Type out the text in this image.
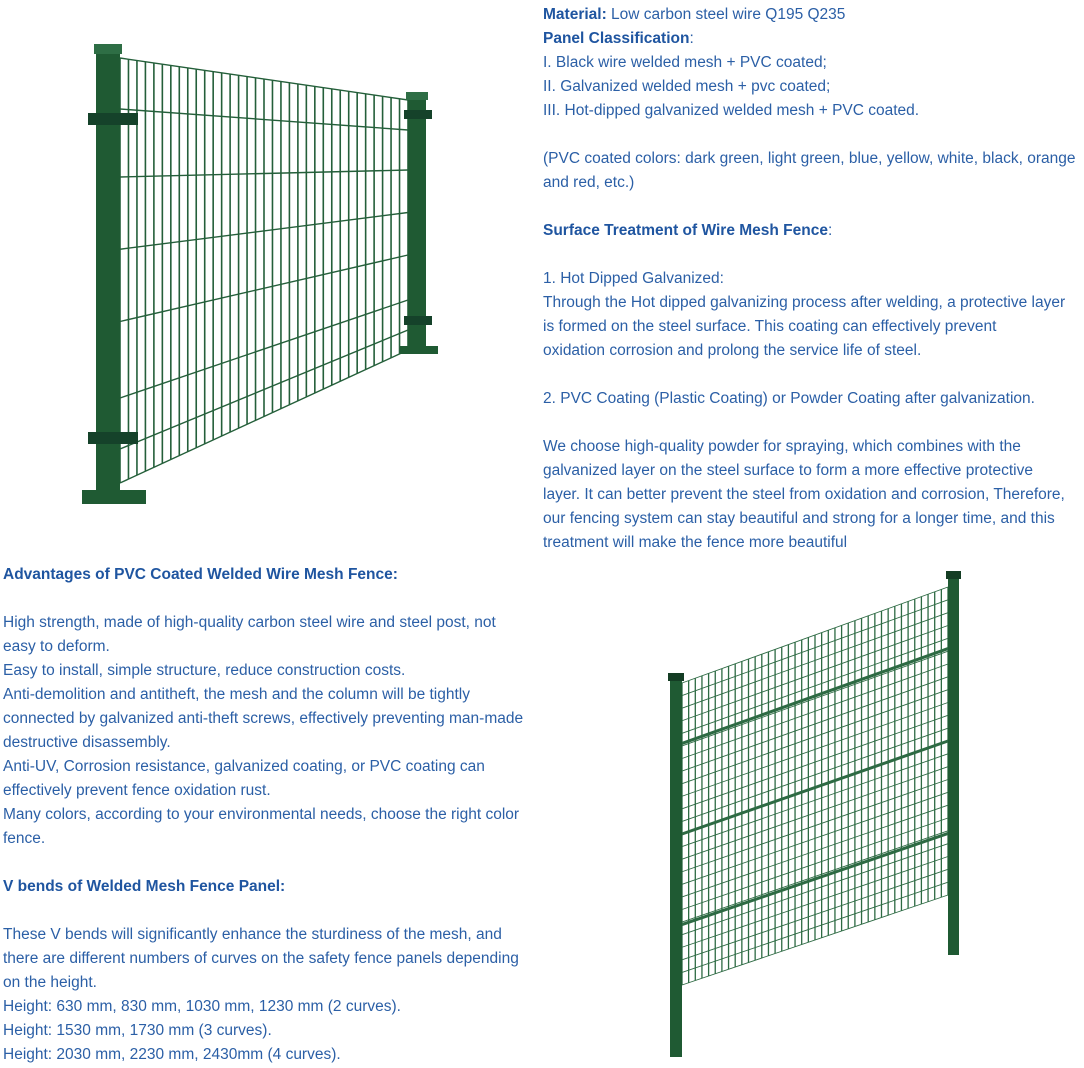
Material: Low carbon steel wire Q195 Q235
Panel Classification:
I. Black wire welded mesh + PVC coated;
II. Galvanized welded mesh + pvc coated;
III. Hot-dipped galvanized welded mesh + PVC coated.
(PVC coated colors: dark green, light green, blue, yellow, white, black, orange
and red, etc.)
Surface Treatment of Wire Mesh Fence:
1. Hot Dipped Galvanized:
Through the Hot dipped galvanizing process after welding, a protective layer
is formed on the steel surface. This coating can effectively prevent
oxidation corrosion and prolong the service life of steel.
2. PVC Coating (Plastic Coating) or Powder Coating after galvanization.
We choose high-quality powder for spraying, which combines with the
galvanized layer on the steel surface to form a more effective protective
layer. It can better prevent the steel from oxidation and corrosion, Therefore,
our fencing system can stay beautiful and strong for a longer time, and this
treatment will make the fence more beautiful
Advantages of PVC Coated Welded Wire Mesh Fence:
High strength, made of high-quality carbon steel wire and steel post, not
easy to deform.
Easy to install, simple structure, reduce construction costs.
Anti-demolition and antitheft, the mesh and the column will be tightly
connected by galvanized anti-theft screws, effectively preventing man-made
destructive disassembly.
Anti-UV, Corrosion resistance, galvanized coating, or PVC coating can
effectively prevent fence oxidation rust.
Many colors, according to your environmental needs, choose the right color
fence.
V bends of Welded Mesh Fence Panel:
These V bends will significantly enhance the sturdiness of the mesh, and
there are different numbers of curves on the safety fence panels depending
on the height.
Height: 630 mm, 830 mm, 1030 mm, 1230 mm (2 curves).
Height: 1530 mm, 1730 mm (3 curves).
Height: 2030 mm, 2230 mm, 2430mm (4 curves).
